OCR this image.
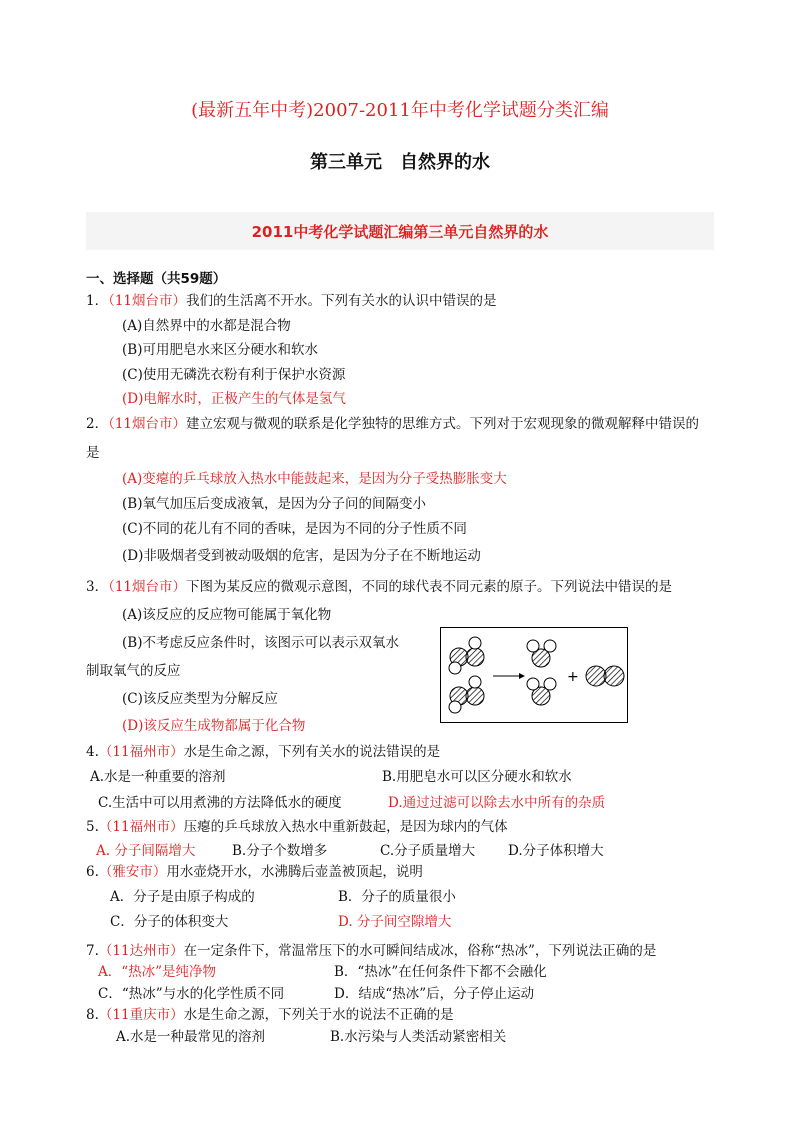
(最新五年中考)2007-2011年中考化学试题分类汇编
第三单元　自然界的水
2011中考化学试题汇编第三单元自然界的水
一、选择题（共59题）
1．（11烟台市）我们的生活离不开水。下列有关水的认识中错误的是
(A)自然界中的水都是混合物
(B)可用肥皂水来区分硬水和软水
(C)使用无磷洗衣粉有利于保护水资源
(D)电解水时，正极产生的气体是氢气
2．（11烟台市）建立宏观与微观的联系是化学独特的思维方式。下列对于宏观现象的微观解释中错误的
是
(A)变瘪的乒乓球放入热水中能鼓起来，是因为分子受热膨胀变大
(B)氧气加压后变成液氧，是因为分子问的间隔变小
(C)不同的花儿有不同的香味，是因为不同的分子性质不同
(D)非吸烟者受到被动吸烟的危害，是因为分子在不断地运动
3．（11烟台市）下图为某反应的微观示意图，不同的球代表不同元素的原子。下列说法中错误的是
(A)该反应的反应物可能属于氧化物
(B)不考虑反应条件时，该图示可以表示双氧水
制取氧气的反应
(C)该反应类型为分解反应
(D)该反应生成物都属于化合物
+
4.（11福州市）水是生命之源，下列有关水的说法错误的是
A.水是一种重要的溶剂	B.用肥皂水可以区分硬水和软水
C.生活中可以用煮沸的方法降低水的硬度	D.通过过滤可以除去水中所有的杂质
5.（11福州市）压瘪的乒乓球放入热水中重新鼓起，是因为球内的气体
A. 分子间隔增大	B.分子个数增多	C.分子质量增大 D.分子体积增大
6.（雅安市）用水壶烧开水，水沸腾后壶盖被顶起，说明
A．分子是由原子构成的	B．分子的质量很小
C．分子的体积变大	D. 分子间空隙增大
7.（11达州市）在一定条件下，常温常压下的水可瞬间结成冰，俗称“热冰”，下列说法正确的是
A．“热冰”是纯净物	B．“热冰”在任何条件下都不会融化
C．“热冰”与水的化学性质不同	D．结成“热冰”后，分子停止运动
8.（11重庆市）水是生命之源，下列关于水的说法不正确的是
A.水是一种最常见的溶剂	B.水污染与人类活动紧密相关
